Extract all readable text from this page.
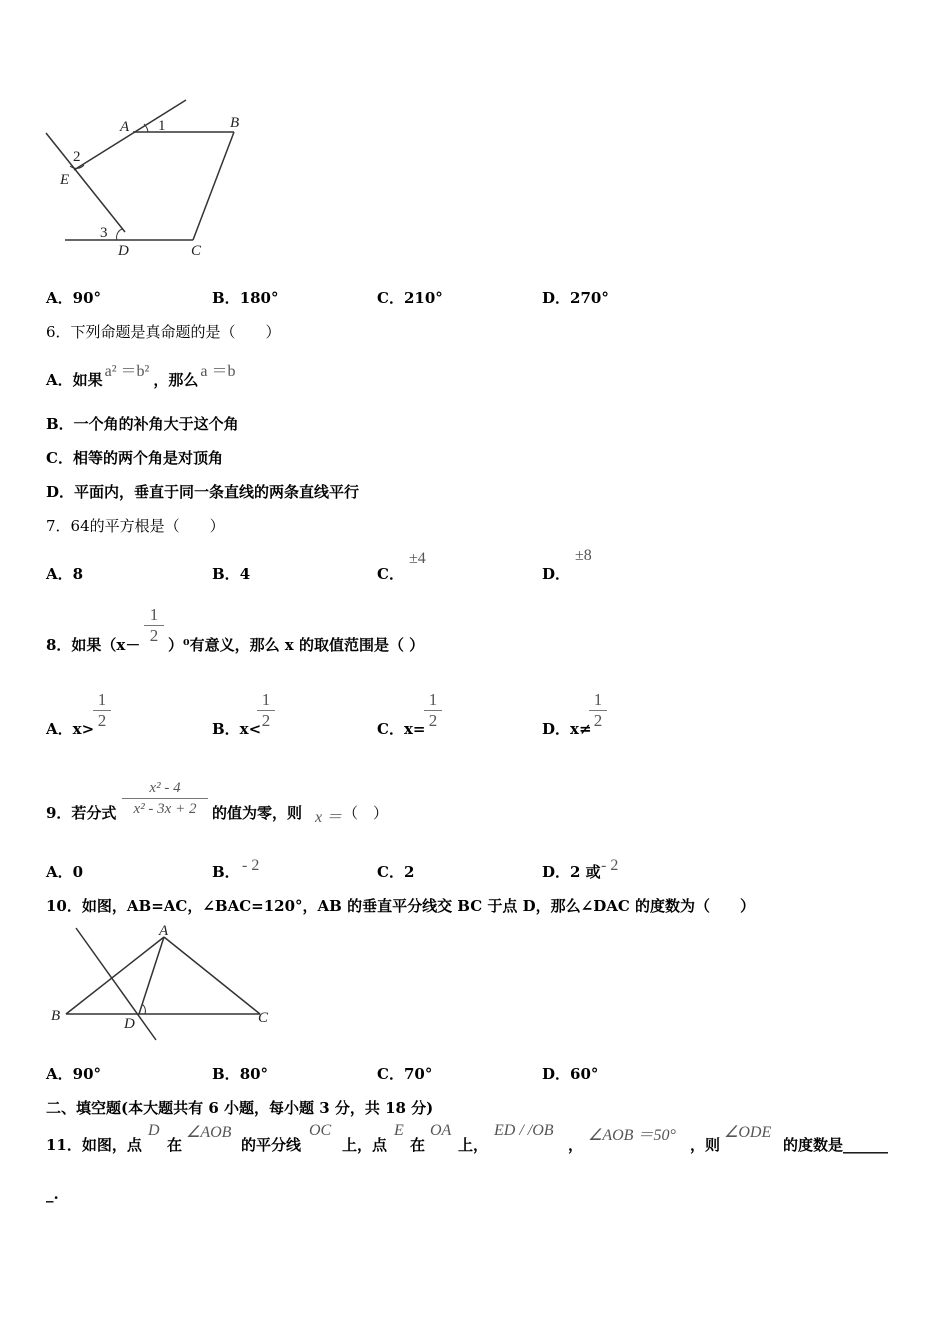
A	B
C
D
E
1
2
3
A．90°	B．180°	C．210°	D．270°
6．下列命题是真命题的是（　　）
A．如果 a² ＝b² ，那么 a ＝b
B．一个角的补角大于这个角
C．相等的两个角是对顶角
D．平面内，垂直于同一条直线的两条直线平行
7．64的平方根是（　　）
A．8	B．4	C．
±4
D．
±8
8．如果（x－
1
2 ）⁰有意义，那么 x 的取值范围是（ ）
A．x>
1
2	B．x<
1
2	C．x=
1
2	D．x≠
1
2
9．若分式
x² - 4
x² - 3x + 2	的值为零，则 x ＝ （　）
A．0	B． - 2	C．2	D．2 或 - 2
10．如图，AB=AC，∠BAC=120°，AB 的垂直平分线交 BC 于点 D，那么∠DAC 的度数为（　　）
A
B	C
D
A．90°	B．80°	C．70°	D．60°
二、填空题(本大题共有 6 小题，每小题 3 分，共 18 分)
11．如图，点
D
在
∠AOB
的平分线
OC
上，点
E
在
OA
上，
ED / /OB
，
∠AOB ＝50°
，则
∠ODE
的度数是______
_.
